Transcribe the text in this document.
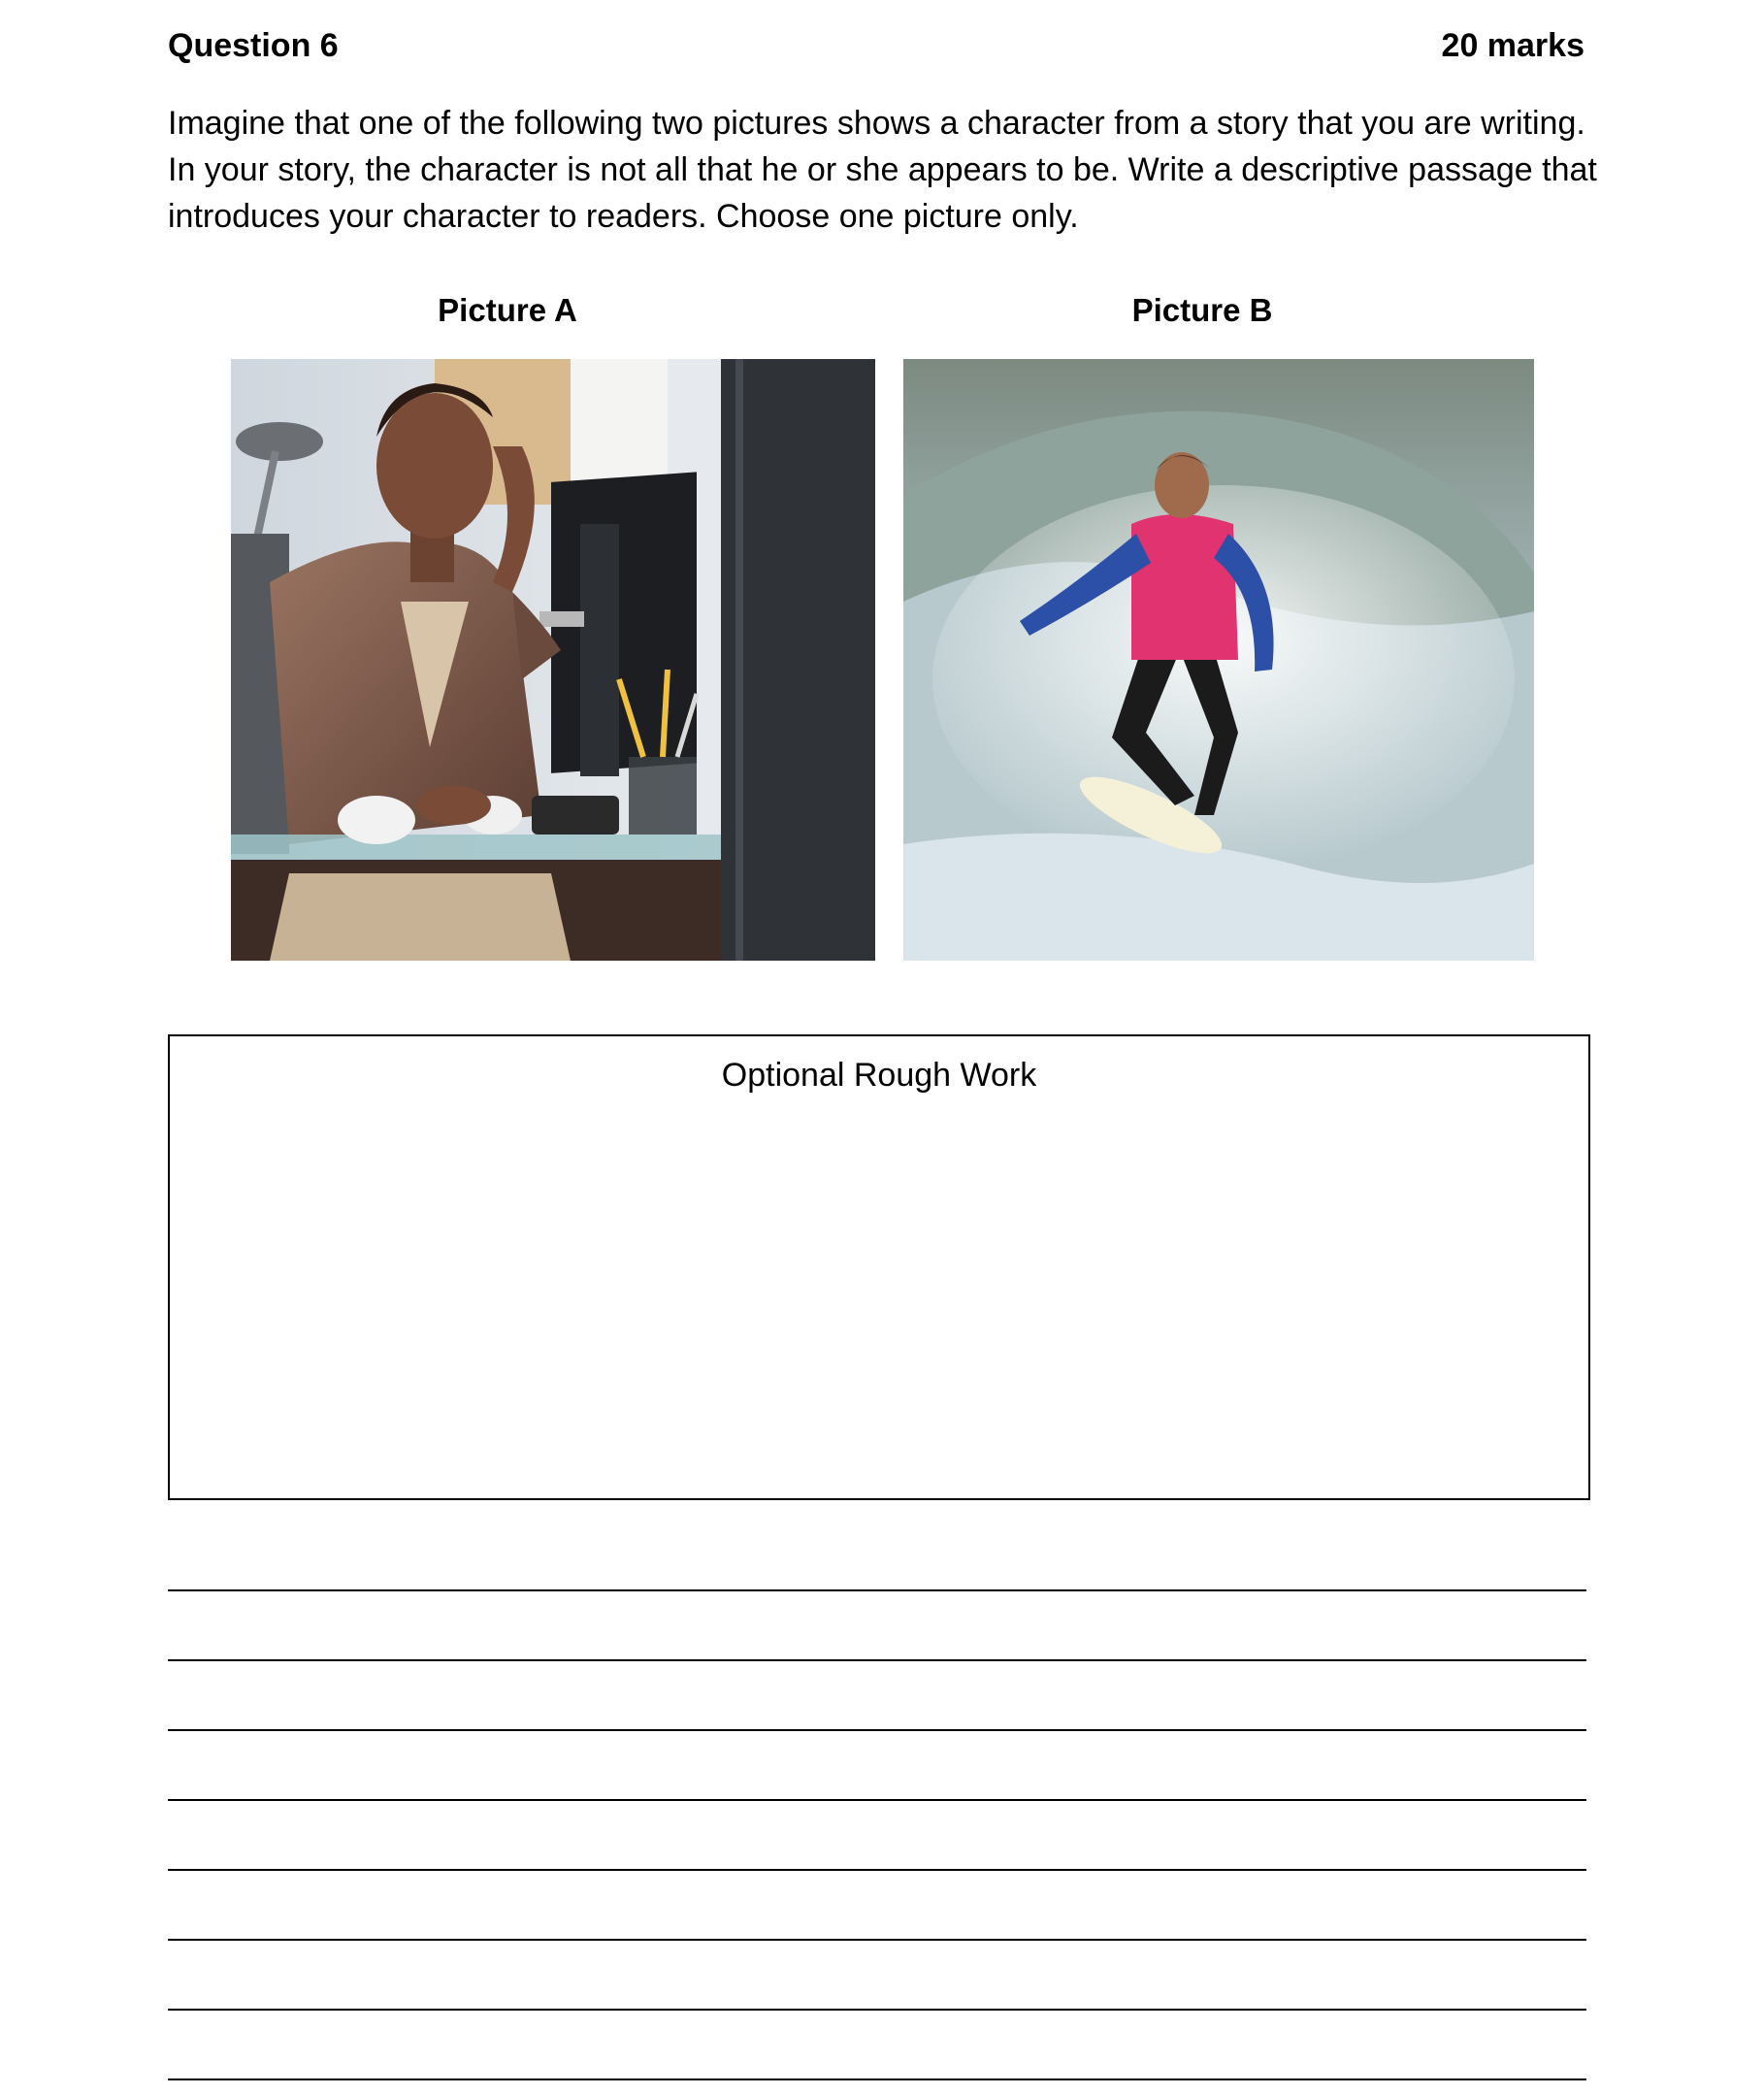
Question 6	20 marks

Imagine that one of the following two pictures shows a character from a story that you are writing.
In your story, the character is not all that he or she appears to be. Write a descriptive passage that
introduces your character to readers. Choose one picture only.

Picture A	Picture B
Optional Rough Work
